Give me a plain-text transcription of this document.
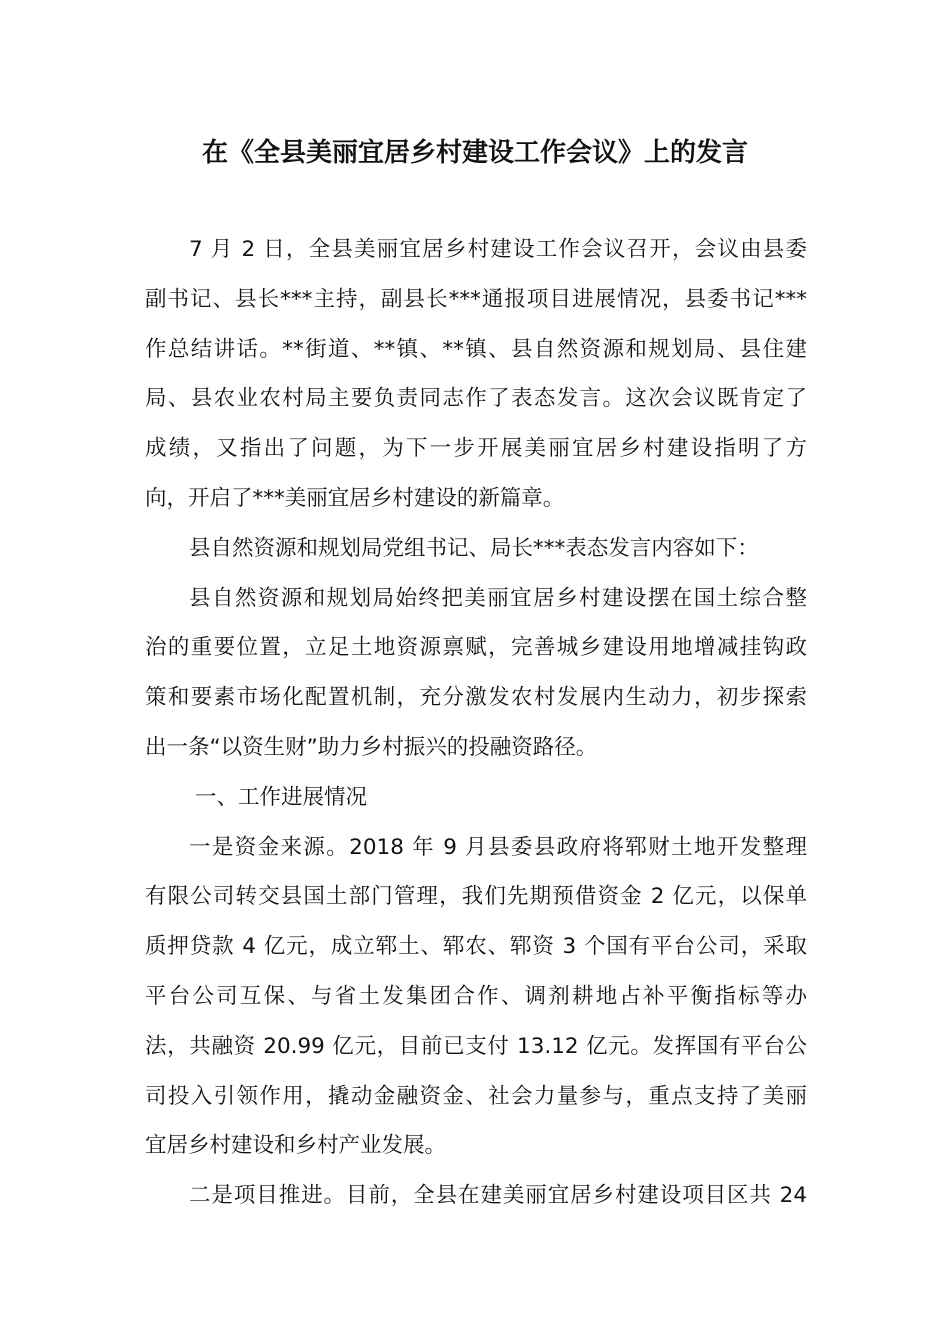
在《全县美丽宜居乡村建设工作会议》上的发言
7 月 2 日，全县美丽宜居乡村建设工作会议召开，会议由县委
副书记、县长***主持，副县长***通报项目进展情况，县委书记***
作总结讲话。**街道、**镇、**镇、县自然资源和规划局、县住建
局、县农业农村局主要负责同志作了表态发言。这次会议既肯定了
成绩，又指出了问题，为下一步开展美丽宜居乡村建设指明了方
向，开启了***美丽宜居乡村建设的新篇章。
县自然资源和规划局党组书记、局长***表态发言内容如下：
县自然资源和规划局始终把美丽宜居乡村建设摆在国土综合整
治的重要位置，立足土地资源禀赋，完善城乡建设用地增减挂钩政
策和要素市场化配置机制，充分激发农村发展内生动力，初步探索
出一条“以资生财”助力乡村振兴的投融资路径。
一、工作进展情况
一是资金来源。2018 年 9 月县委县政府将郓财土地开发整理
有限公司转交县国土部门管理，我们先期预借资金 2 亿元，以保单
质押贷款 4 亿元，成立郓土、郓农、郓资 3 个国有平台公司，采取
平台公司互保、与省土发集团合作、调剂耕地占补平衡指标等办
法，共融资 20.99 亿元，目前已支付 13.12 亿元。发挥国有平台公
司投入引领作用，撬动金融资金、社会力量参与，重点支持了美丽
宜居乡村建设和乡村产业发展。
二是项目推进。目前，全县在建美丽宜居乡村建设项目区共 24
